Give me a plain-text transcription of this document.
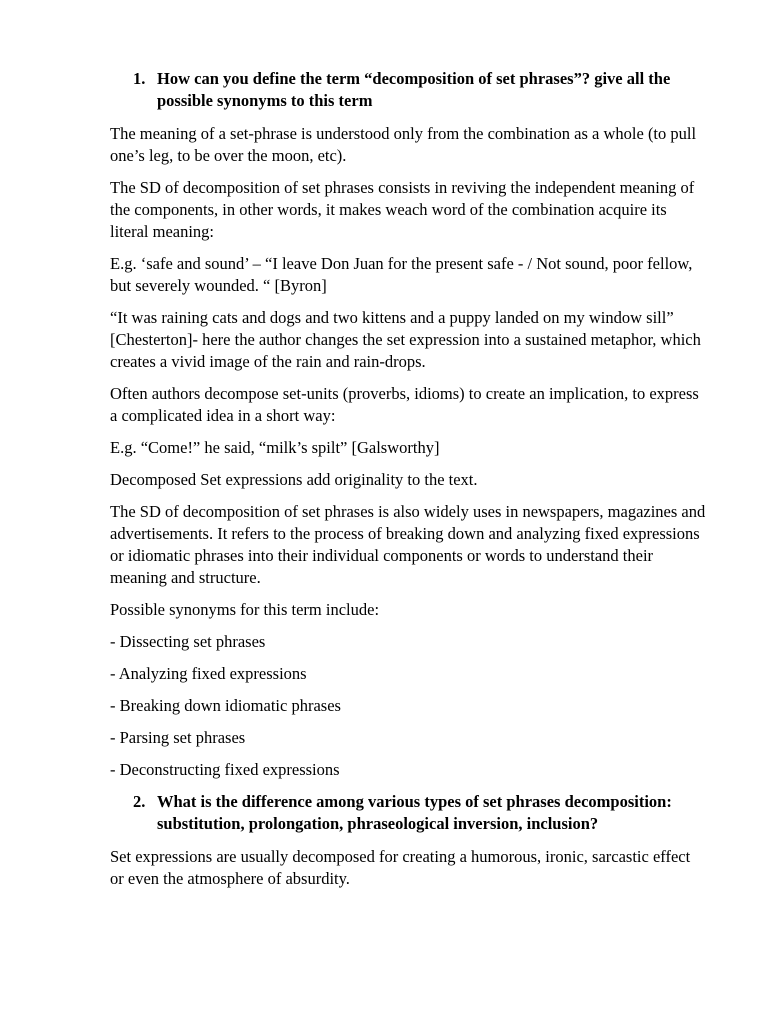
1. How can you define the term “decomposition of set phrases”? give all the possible synonyms to this term

The meaning of a set-phrase is understood only from the combination as a whole (to pull one’s leg, to be over the moon, etc).

The SD of decomposition of set phrases consists in reviving the independent meaning of the components, in other words, it makes weach word of the combination acquire its literal meaning:

E.g. ‘safe and sound’ – “I leave Don Juan for the present safe - / Not sound, poor fellow, but severely wounded. “ [Byron]

“It was raining cats and dogs and two kittens and a puppy landed on my window sill” [Chesterton]- here the author changes the set expression into a sustained metaphor, which creates a vivid image of the rain and rain-drops.

Often authors decompose set-units (proverbs, idioms) to create an implication, to express a complicated idea in a short way:

E.g. “Come!” he said, “milk’s spilt” [Galsworthy]

Decomposed Set expressions add originality to the text.

The SD of decomposition of set phrases is also widely uses in newspapers, magazines and advertisements. It refers to the process of breaking down and analyzing fixed expressions or idiomatic phrases into their individual components or words to understand their meaning and structure.

Possible synonyms for this term include:

- Dissecting set phrases

- Analyzing fixed expressions

- Breaking down idiomatic phrases

- Parsing set phrases

- Deconstructing fixed expressions

2. What is the difference among various types of set phrases decomposition: substitution, prolongation, phraseological inversion, inclusion?

Set expressions are usually decomposed for creating a humorous, ironic, sarcastic effect or even the atmosphere of absurdity.
